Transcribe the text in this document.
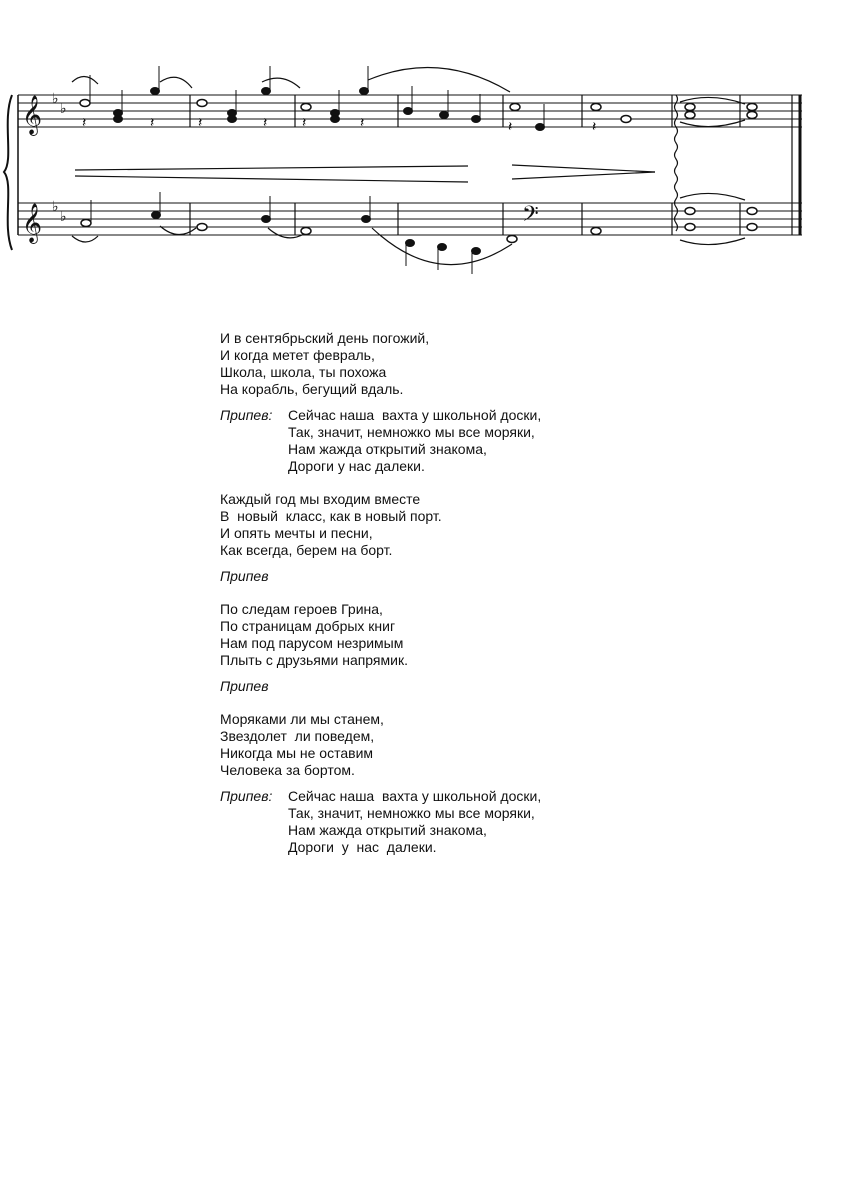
𝄞
𝄞	𝄢
♭
♭
♭
♭
𝄽	𝄽	𝄽	𝄽 𝄽	𝄽	𝄽	𝄽
И в сентябрьский день погожий,
И когда метет февраль,
Школа, школа, ты похожа
На корабль, бегущий вдаль.
Припев:	Сейчас наша  вахта у школьной доски,
Так, значит, немножко мы все моряки,
Нам жажда открытий знакома,
Дороги у нас далеки.
Каждый год мы входим вместе
В  новый  класс, как в новый порт.
И опять мечты и песни,
Как всегда, берем на борт.
Припев
По следам героев Грина,
По страницам добрых книг
Нам под парусом незримым
Плыть с друзьями напрямик.
Припев
Моряками ли мы станем,
Звездолет  ли поведем,
Никогда мы не оставим
Человека за бортом.
Припев:	Сейчас наша  вахта у школьной доски,
Так, значит, немножко мы все моряки,
Нам жажда открытий знакома,
Дороги  у  нас  далеки.
